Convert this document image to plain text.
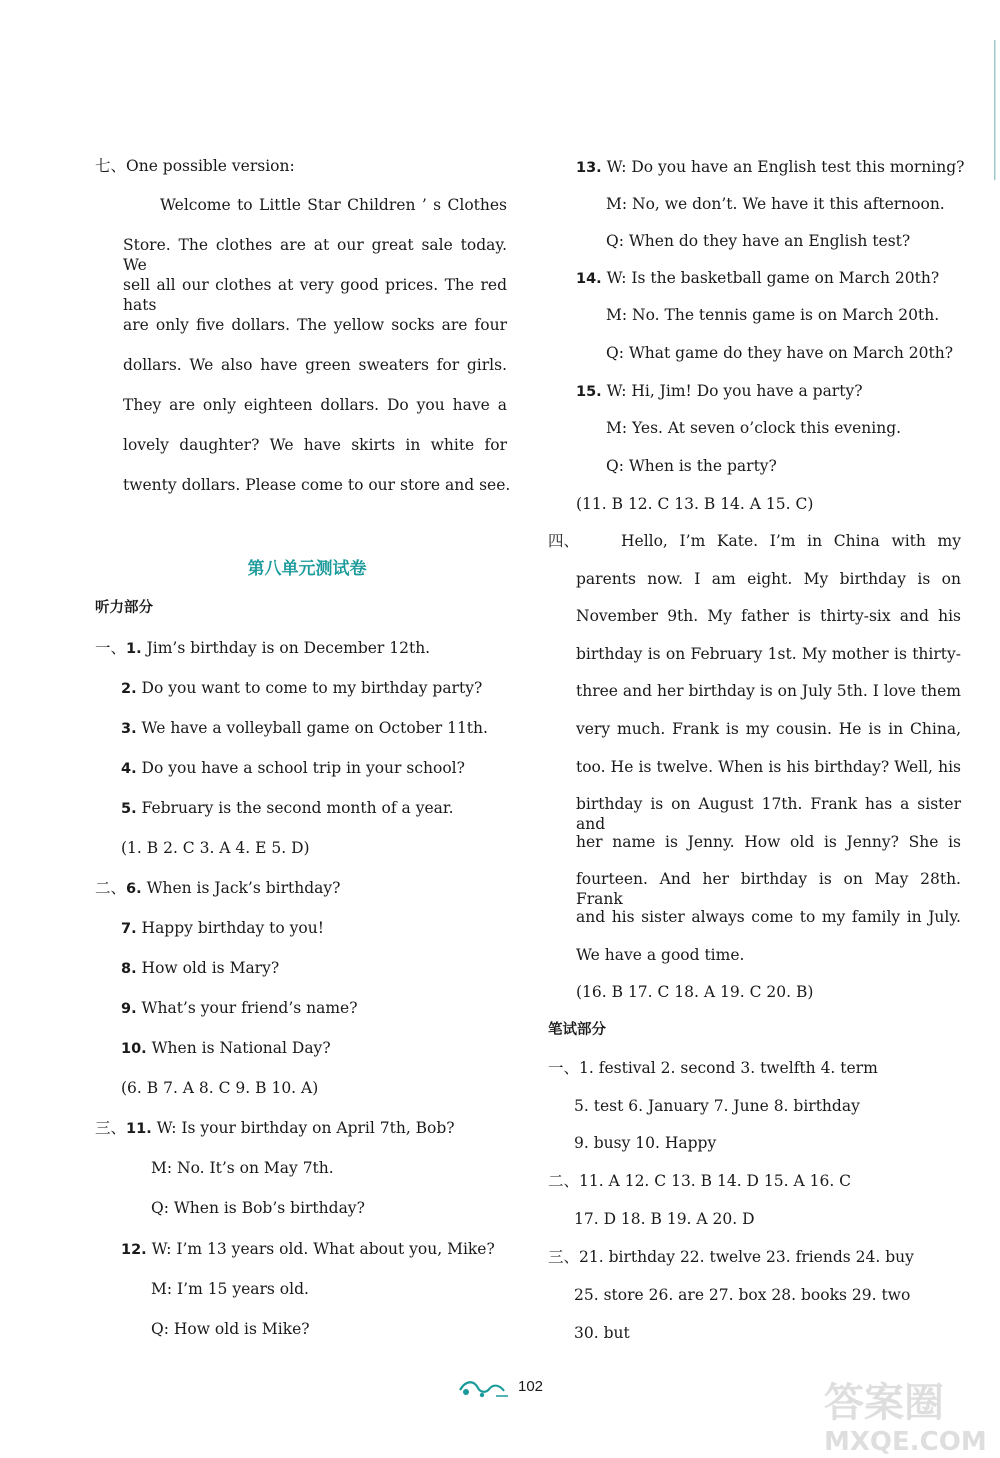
七、One possible version:
Welcome to Little Star Children ’ s Clothes
Store. The clothes are at our great sale today. We
sell all our clothes at very good prices. The red hats
are only five dollars. The yellow socks are four
dollars. We also have green sweaters for girls.
They are only eighteen dollars. Do you have a
lovely daughter? We have skirts in white for
twenty dollars. Please come to our store and see.
听力部分
一、1. Jim’s birthday is on December 12th.
2. Do you want to come to my birthday party?
3. We have a volleyball game on October 11th.
4. Do you have a school trip in your school?
5. February is the second month of a year.
(1. B 2. C 3. A 4. E 5. D)
二、6. When is Jack’s birthday?
7. Happy birthday to you!
8. How old is Mary?
9. What’s your friend’s name?
10. When is National Day?
(6. B 7. A 8. C 9. B 10. A)
三、11. W: Is your birthday on April 7th, Bob?
M: No. It’s on May 7th.
Q: When is Bob’s birthday?
12. W: I’m 13 years old. What about you, Mike?
M: I’m 15 years old.
Q: How old is Mike?
第八单元测试卷
13. W: Do you have an English test this morning?
M: No, we don’t. We have it this afternoon.
Q: When do they have an English test?
14. W: Is the basketball game on March 20th?
M: No. The tennis game is on March 20th.
Q: What game do they have on March 20th?
15. W: Hi, Jim! Do you have a party?
M: Yes. At seven o’clock this evening.
Q: When is the party?
(11. B 12. C 13. B 14. A 15. C)
四、	Hello, I’m Kate. I’m in China with my
parents now. I am eight. My birthday is on
November 9th. My father is thirty-six and his
birthday is on February 1st. My mother is thirty-
three and her birthday is on July 5th. I love them
very much. Frank is my cousin. He is in China,
too. He is twelve. When is his birthday? Well, his
birthday is on August 17th. Frank has a sister and
her name is Jenny. How old is Jenny? She is
fourteen. And her birthday is on May 28th. Frank
and his sister always come to my family in July.
We have a good time.
(16. B 17. C 18. A 19. C 20. B)
笔试部分
一、1. festival 2. second 3. twelfth 4. term
5. test 6. January 7. June 8. birthday
9. busy 10. Happy
二、11. A 12. C 13. B 14. D 15. A 16. C
17. D 18. B 19. A 20. D
三、21. birthday 22. twelve 23. friends 24. buy
25. store 26. are 27. box 28. books 29. two
30. but
102	答案圈
MXQE.COM
